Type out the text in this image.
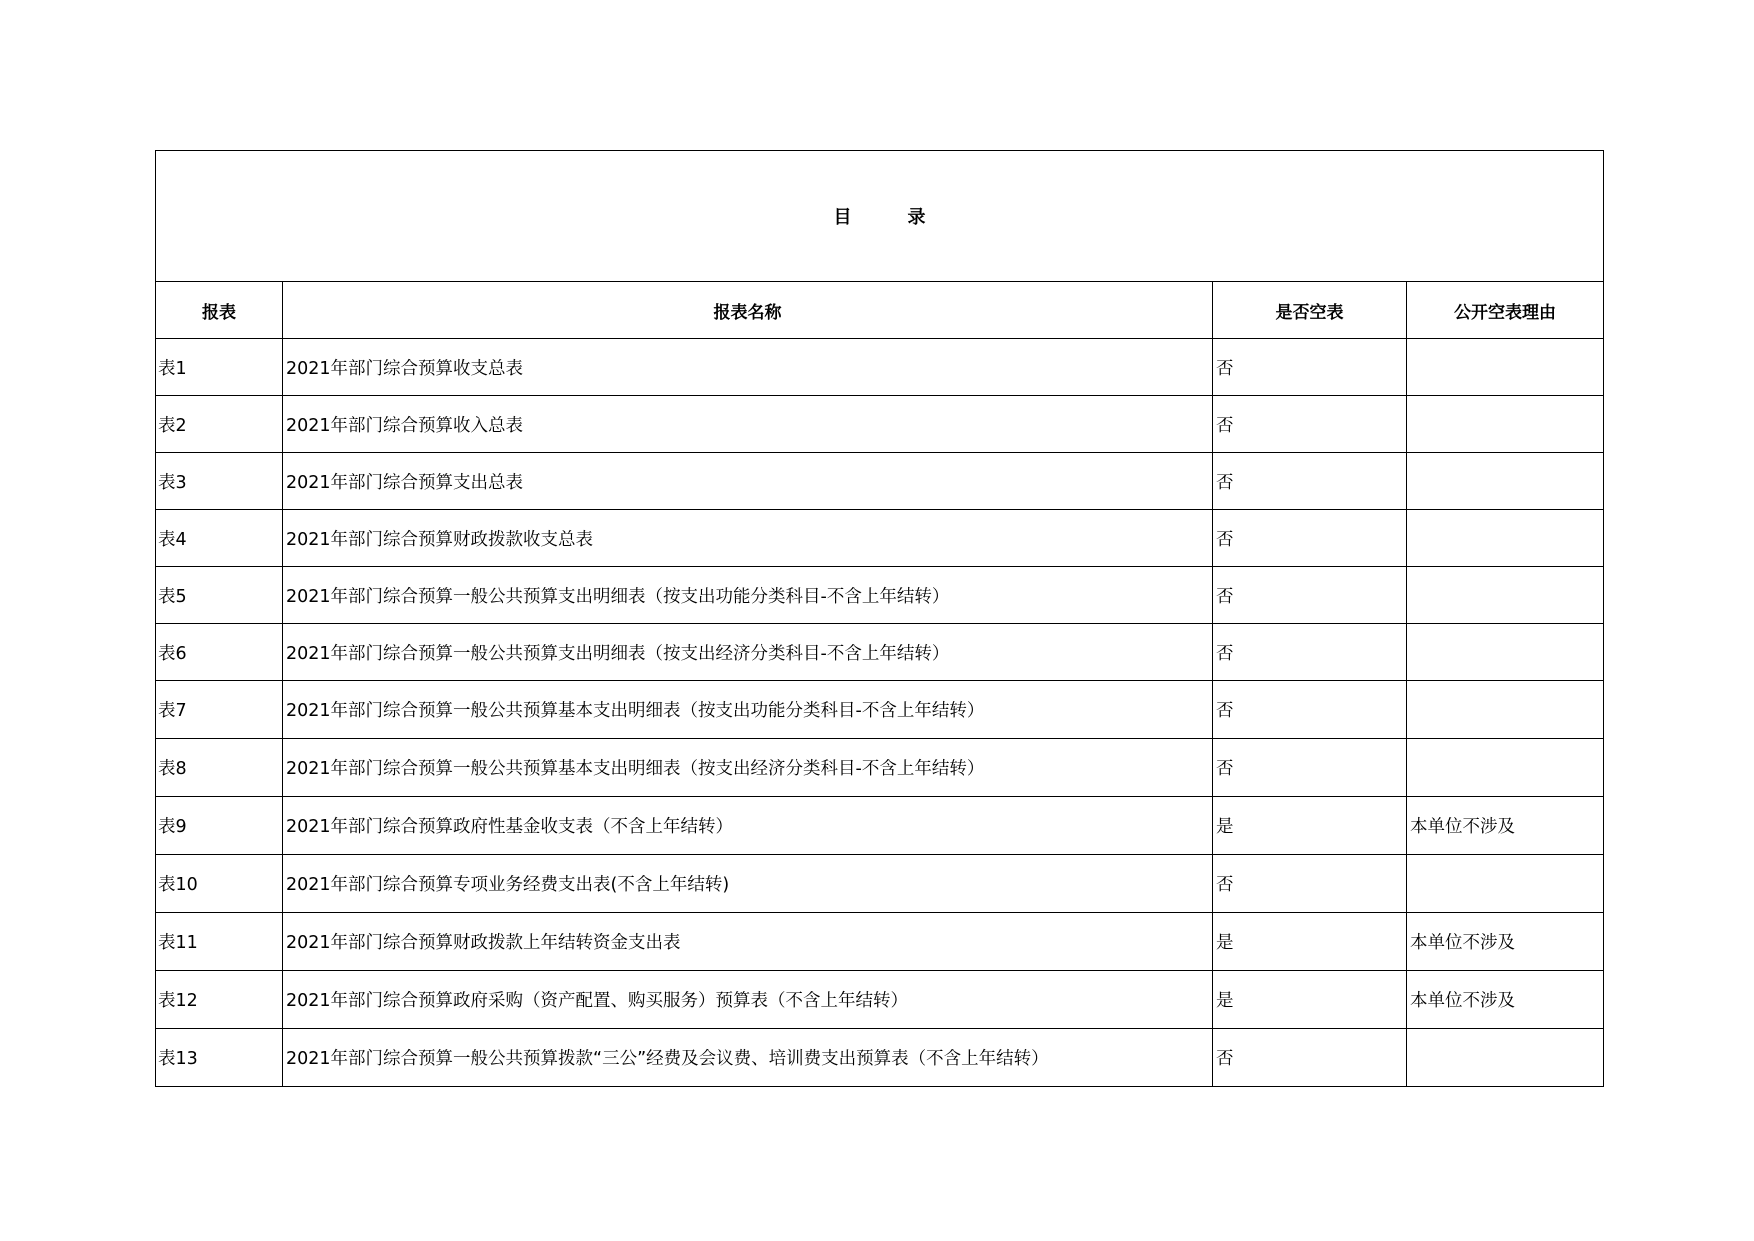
目 录			
报表	报表名称	是否空表	公开空表理由
表1	2021年部门综合预算收支总表	否	
表2	2021年部门综合预算收入总表	否	
表3	2021年部门综合预算支出总表	否	
表4	2021年部门综合预算财政拨款收支总表	否	
表5	2021年部门综合预算一般公共预算支出明细表（按支出功能分类科目-不含上年结转）	否	
表6	2021年部门综合预算一般公共预算支出明细表（按支出经济分类科目-不含上年结转）	否	
表7	2021年部门综合预算一般公共预算基本支出明细表（按支出功能分类科目-不含上年结转）	否	
表8	2021年部门综合预算一般公共预算基本支出明细表（按支出经济分类科目-不含上年结转）	否	
表9	2021年部门综合预算政府性基金收支表（不含上年结转）	是	本单位不涉及
表10	2021年部门综合预算专项业务经费支出表(不含上年结转)	否	
表11	2021年部门综合预算财政拨款上年结转资金支出表	是	本单位不涉及
表12	2021年部门综合预算政府采购（资产配置、购买服务）预算表（不含上年结转）	是	本单位不涉及
表13	2021年部门综合预算一般公共预算拨款“三公”经费及会议费、培训费支出预算表（不含上年结转）	否	
